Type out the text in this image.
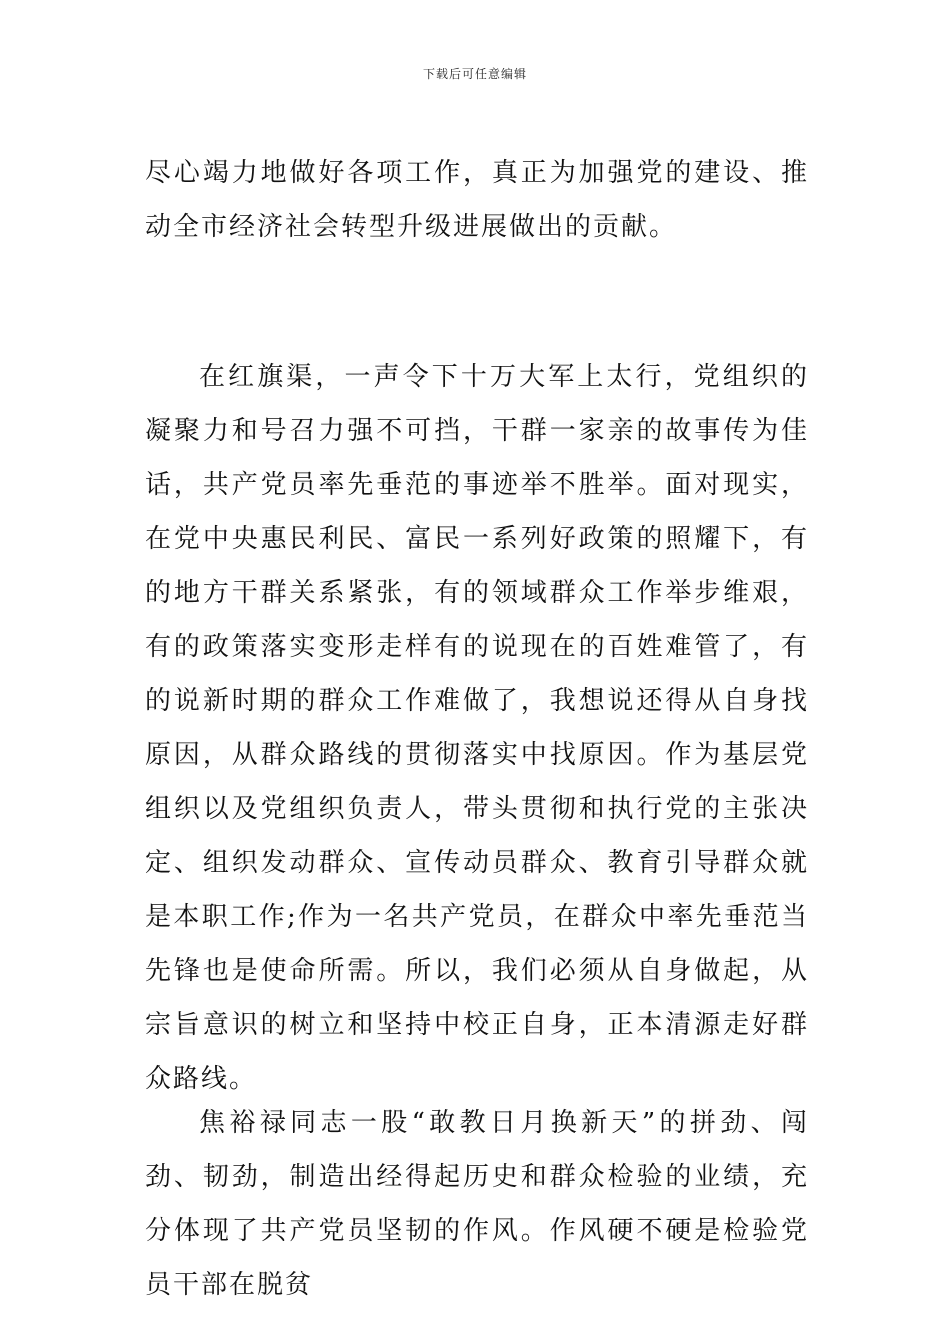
下载后可任意编辑

尽心竭力地做好各项工作，真正为加强党的建设、推动全市经济社会转型升级进展做出的贡献。

在红旗渠，一声令下十万大军上太行，党组织的凝聚力和号召力强不可挡，干群一家亲的故事传为佳话，共产党员率先垂范的事迹举不胜举。面对现实，在党中央惠民利民、富民一系列好政策的照耀下，有的地方干群关系紧张，有的领域群众工作举步维艰，有的政策落实变形走样有的说现在的百姓难管了，有的说新时期的群众工作难做了，我想说还得从自身找原因，从群众路线的贯彻落实中找原因。作为基层党组织以及党组织负责人，带头贯彻和执行党的主张决定、组织发动群众、宣传动员群众、教育引导群众就是本职工作;作为一名共产党员，在群众中率先垂范当先锋也是使命所需。所以，我们必须从自身做起，从宗旨意识的树立和坚持中校正自身，正本清源走好群众路线。

焦裕禄同志一股“敢教日月换新天”的拼劲、闯劲、韧劲，制造出经得起历史和群众检验的业绩，充分体现了共产党员坚韧的作风。作风硬不硬是检验党员干部在脱贫
